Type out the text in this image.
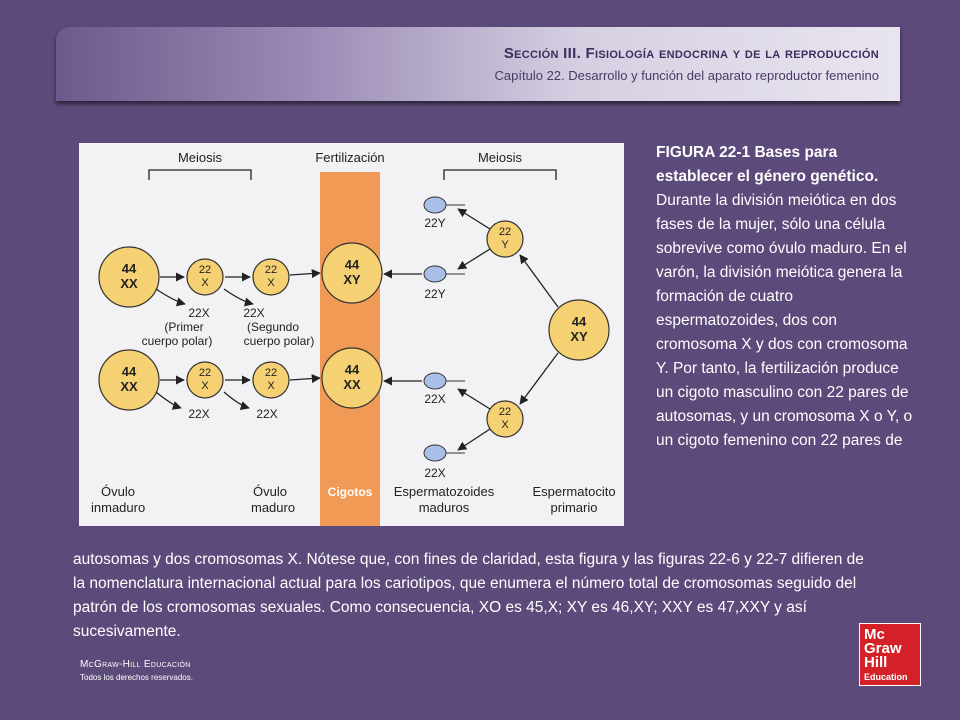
Sección III. Fisiología endocrina y de la reproducción
Capítulo 22. Desarrollo y función del aparato reproductor femenino
Meiosis	Fertilización	Meiosis
44
XX
22
X
22
X
44
XY
22X
(Primer
cuerpo polar)
22X
(Segundo
cuerpo polar)
44
XX
22
X
22
X
44
XX
22X	22X
44
XY
22
Y
22
X
22Y
22Y
22X
22X
Óvulo
inmaduro
Óvulo
maduro
Cigotos Espermatozoides
maduros
Espermatocito
primario
FIGURA 22-1 Bases para establecer el género genético. Durante la división meiótica en dos fases de la mujer, sólo una célula sobrevive como óvulo maduro. En el varón, la división meiótica genera la formación de cuatro espermatozoides, dos con cromosoma X y dos con cromosoma Y. Por tanto, la fertilización produce un cigoto masculino con 22 pares de autosomas, y un cromosoma X o Y, o un cigoto femenino con 22 pares de
autosomas y dos cromosomas X. Nótese que, con fines de claridad, esta figura y las figuras 22-6 y 22-7 difieren de la nomenclatura internacional actual para los cariotipos, que enumera el número total de cromosomas seguido del patrón de los cromosomas sexuales. Como consecuencia, XO es 45,X; XY es 46,XY; XXY es 47,XXY y así sucesivamente.
McGraw-Hill Educación
Todos los derechos reservados.
Mc
Graw
Hill
Education
